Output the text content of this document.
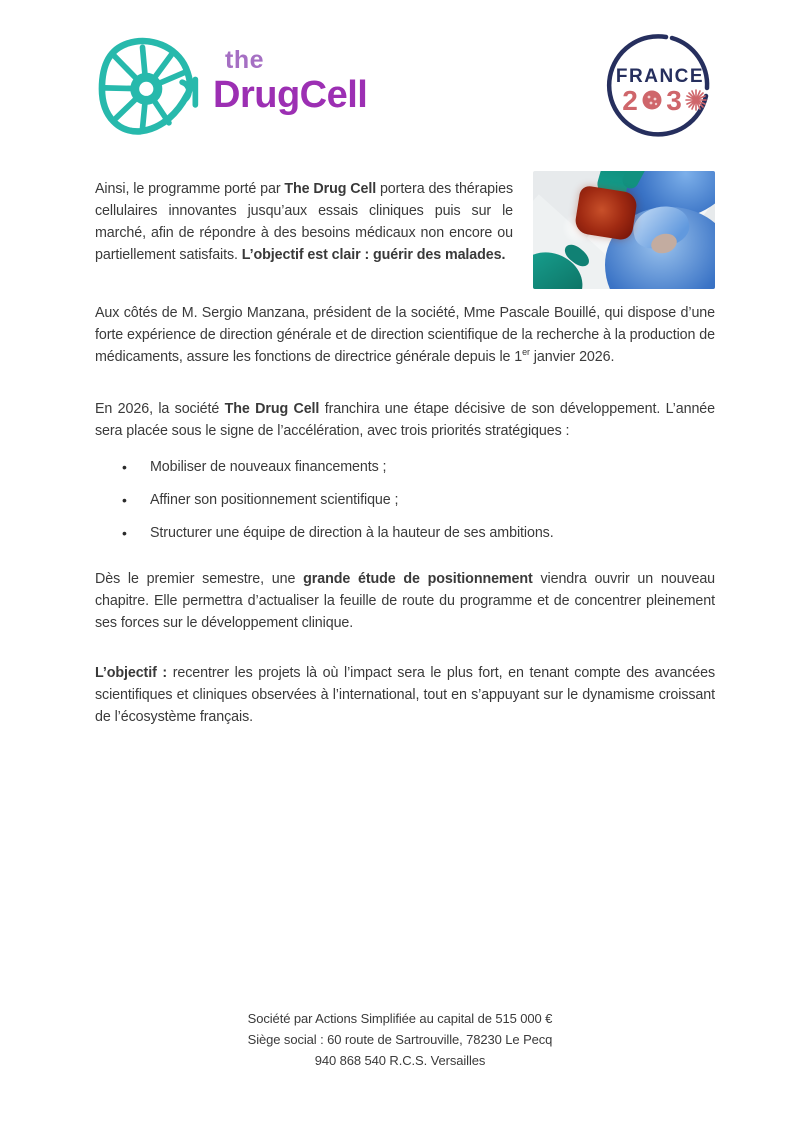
the
DrugCell	FRANCE
2 3

Ainsi, le programme porté par The Drug Cell portera des thérapies cellulaires innovantes jusqu’aux essais cliniques puis sur le marché, afin de répondre à des besoins médicaux non encore ou partiellement satisfaits. L’objectif est clair : guérir des malades.

Aux côtés de M. Sergio Manzana, président de la société, Mme Pascale Bouillé, qui dispose d’une forte expérience de direction générale et de direction scientifique de la recherche à la production de médicaments, assure les fonctions de directrice générale depuis le 1er janvier 2026.

En 2026, la société The Drug Cell franchira une étape décisive de son développement. L’année sera placée sous le signe de l’accélération, avec trois priorités stratégiques :

•	Mobiliser de nouveaux financements ;
•	Affiner son positionnement scientifique ;
•	Structurer une équipe de direction à la hauteur de ses ambitions.

Dès le premier semestre, une grande étude de positionnement viendra ouvrir un nouveau chapitre. Elle permettra d’actualiser la feuille de route du programme et de concentrer pleinement ses forces sur le développement clinique.

L’objectif : recentrer les projets là où l’impact sera le plus fort, en tenant compte des avancées scientifiques et cliniques observées à l’international, tout en s’appuyant sur le dynamisme croissant de l’écosystème français.

Société par Actions Simplifiée au capital de 515 000 €
Siège social : 60 route de Sartrouville, 78230 Le Pecq
940 868 540 R.C.S. Versailles
